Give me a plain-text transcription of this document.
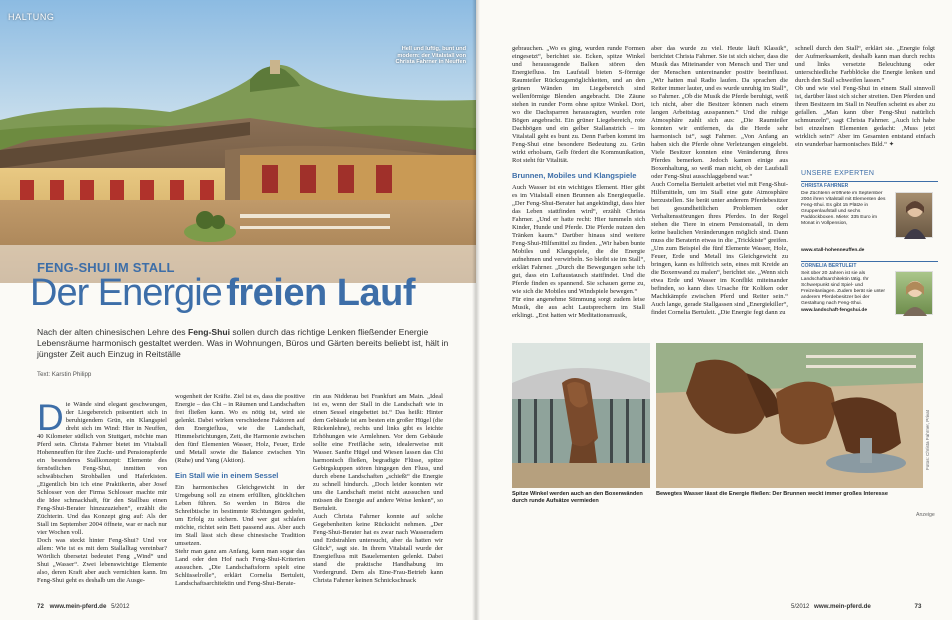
Hell und luftig, bunt und modern: der Vitalstall von Christa Fahrner in Neuffen
HALTUNG
FENG-SHUI IM STALL
Der Energie freien Lauf
Nach der alten chinesischen Lehre des Feng-Shui sollen durch das richtige Lenken fließender Energie Lebensräume harmonisch gestaltet werden. Was in Wohnungen, Büros und Gärten bereits beliebt ist, hält in jüngster Zeit auch Einzug in Reitställe
Text: Karstin Philipp

Die Wände sind elegant geschwungen, der Liegebereich präsentiert sich in beruhigendem Grün, ein Klangspiel dreht sich im Wind: Hier in Neuffen, 40 Kilometer südlich von Stuttgart, möchte man Pferd sein. Christa Fahrner bietet im Vitalstall Hohenneuffen für ihre Zucht- und Pensionspferde ein besonderes Stallkonzept: Elemente des fernöstlichen Feng-Shui, inmitten von schwäbischen Strohballen und Haferkisten. „Eigentlich bin ich eine Praktikerin, aber Josef Schlosser von der Firma Schlosser machte mir die Idee schmackhaft, für den Stallbau einen Feng-Shui-Berater hinzuzuziehen“, erzählt die Züchterin. Und das Konzept ging auf: Als der Stall im September 2004 öffnete, war er nach nur vier Wochen voll.
Doch was steckt hinter Feng-Shui? Und vor allem: Wie ist es mit dem Stallalltag vereinbar? Wörtlich übersetzt bedeutet Feng „Wind“ und Shui „Wasser“. Zwei lebenswichtige Elemente also, deren Kraft aber auch vernichten kann. Im Feng-Shui geht es deshalb um die Ausge-

wogenheit der Kräfte. Ziel ist es, dass die positive Energie – das Chi – in Räumen und Landschaften frei fließen kann. Wo es nötig ist, wird sie gelenkt. Dabei wirken verschiedene Faktoren auf den Energiefluss, wie die Landschaft, Himmelsrichtungen, Zeit, die Harmonie zwischen den fünf Elementen Wasser, Holz, Feuer, Erde und Metall sowie die Balance zwischen Yin (Ruhe) und Yang (Aktion).
Ein Stall wie in einem Sessel
Ein harmonisches Gleichgewicht in der Umgebung soll zu einem erfüllten, glücklichen Leben führen. So werden in Büros die Schreibtische in bestimmte Richtungen gedreht, um Erfolg zu sichern. Und wer gut schlafen möchte, richtet sein Bett passend aus. Aber auch im Stall lässt sich diese chinesische Tradition umsetzen.
Stehr man ganz am Anfang, kann man sogar das Land oder den Hof nach Feng-Shui-Kriterien aussuchen. „Die Landschaftsform spielt eine Schlüsselrolle“, erklärt Cornelia Bertuleit, Landschaftsarchitektin und Feng-Shui-Berate-
rin aus Nidderau bei Frankfurt am Main. „Ideal ist es, wenn der Stall in die Landschaft wie in einen Sessel eingebettet ist.“ Das heißt: Hinter dem Gebäude ist am besten ein großer Hügel (die Rückenlehne), rechts und links gibt es leichte Erhöhungen wie Armlehnen. Vor dem Gebäude sollte eine Freifläche sein, idealerweise mit Wasser. Sanfte Hügel und Wiesen lassen das Chi harmonisch fließen, begradigte Flüsse, spitze Gebirgskuppen stören hingegen den Fluss, und durch ebene Landschaften „schießt“ die Energie zu schnell hindurch. „Doch leider konnten wir uns die Landschaft meist nicht aussuchen und müssen die Energie auf andere Weise lenken“, so Bertuleit.
Auch Christa Fahrner konnte auf solche Gegebenheiten keine Rücksicht nehmen. „Der Feng-Shui-Berater hat es zwar nach Wasseradern und Erdstrahlen untersucht, aber da hatten wir Glück“, sagt sie. In ihrem Vitalstall wurde der Energiefluss mit Bauelementen gelenkt. Dabei stand die praktische Handhabung im Vordergrund. Dem als Eine-Frau-Betrieb kann Christa Fahrner keinen Schnickschnack
72 www.mein-pferd.de 5/2012
gebrauchen. „Wo es ging, wurden runde Formen eingesetzt“, berichtet sie. Ecken, spitze Winkel und herausragende Balken stören den Energiefluss. Im Laufstall bieten S-förmige Raumteiler Rückzugsmöglichkeiten, und an den grünen Wänden im Liegebereich sind wellenförmige Blenden angebracht. Die Zäune stehen in runder Form ohne spitze Winkel. Dort, wo die Dachsparren herausragten, wurden rote Bögen angebracht. Ein grüner Liegebereich, rote Dachbögen und ein gelber Stallanstrich – im Vitalstall geht es bunt zu. Denn Farben kommt im Feng-Shui eine besondere Bedeutung zu. Grün wirkt erholsam, Gelb fördert die Kommunikation, Rot steht für Vitalität.
Brunnen, Mobiles und Klangspiele
Auch Wasser ist ein wichtiges Element. Hier gibt es im Vitalstall einen Brunnen als Energiequelle. „Der Feng-Shui-Berater hat angekündigt, dass hier das Leben stattfinden wird“, erzählt Christa Fahrner. „Und er hatte recht: Hier tummeln sich Kinder, Hunde und Pferde. Die Pferde nutzen den Tränken kaum.“ Darüber hinaus sind weitere Feng-Shui-Hilfsmittel zu finden. „Wir haben bunte Mobiles und Klangspiele, die die Energie aufnehmen und verwirbeln. So bleibt sie im Stall“, erklärt Fahrner. „Durch die Bewegungen sehe ich gut, dass ein Luftaustausch stattfindet. Und die Pferde finden es spannend. Sie schauen gerne zu, wie sich die Mobiles und Windspiele bewegen.“
Für eine angenehme Stimmung sorgt zudem leise Musik, die aus acht Lautsprechern im Stall erklingt. „Erst hatten wir Meditationsmusik,
aber das wurde zu viel. Heute läuft Klassik“, berichtet Christa Fahrner. Sie ist sich sicher, dass die Musik das Miteinander von Mensch und Tier und der Menschen untereinander positiv beeinflusst. „Wir hatten mal Radio laufen. Da sprachen die Reiter immer lauter, und es wurde unruhig im Stall“, so Fahrner. „Ob die Musik die Pferde beruhigt, weiß ich nicht, aber die Besitzer können nach einem langen Arbeitstag ausspannen.“ Und die ruhige Atmosphäre zahlt sich aus: „Die Raumteiler konnten wir entfernen, da die Herde sehr harmonisch ist“, sagt Fahrner. „Von Anfang an haben sich die Pferde ohne Verletzungen eingelebt. Viele Besitzer konnten eine Veränderung ihres Pferdes bemerken. Jedoch kamen einige aus Boxenhaltung, so weiß man nicht, ob der Laufstall oder Feng-Shui ausschlaggebend war.“
Auch Cornelia Bertuleit arbeitet viel mit Feng-Shui-Hilfsmitteln, um im Stall eine gute Atmosphäre herzustellen. Sie berät unter anderem Pferdebesitzer bei gesundheitlichen Problemen oder Verhaltensstörungen ihres Pferdes. In der Regel stehen die Tiere in einem Pensionsstall, in dem keine baulichen Veränderungen möglich sind. Dann muss die Beraterin etwas in die „Trickkiste“ greifen. „Um zum Beispiel die fünf Elemente Wasser, Holz, Feuer, Erde und Metall ins Gleichgewicht zu bringen, kann es hilfreich sein, eines mit Kreide an die Boxenwand zu malen“, berichtet sie. „Wenn sich etwa Erde und Wasser im Konflikt miteinander befinden, so kann dies Ursache für Koliken oder Machtkämpfe zwischen Pferd und Reiter sein.“ Auch lange, gerade Stallgassen sind „Energiekiller“, findet Cornelia Bertuleit. „Die Energie fegt dann zu
schnell durch den Stall“, erklärt sie. „Energie folgt der Aufmerksamkeit, deshalb kann man durch rechts und links versetzte Beleuchtung oder unterschiedliche Farbblöcke die Energie lenken und durch den Stall schweifen lassen.“
Ob und wie viel Feng-Shui in einem Stall sinnvoll ist, darüber lässt sich sicher streiten. Den Pferden und ihren Besitzern im Stall in Neuffen scheint es aber zu gefallen. „Man kann über Feng-Shui natürlich schmunzeln“, sagt Christa Fahrner. „Auch ich habe bei einzelnen Elementen gedacht: ‚Muss jetzt wirklich sein?‘ Aber im Gesamten entstand einfach ein wunderbar harmonisches Bild.“ ✦
UNSERE EXPERTEN
CHRISTA FAHRNER
Die Züchterin eröffnete im September 2004 ihren Vitalstall mit Elementen des Feng-Shui. Es gibt 15 Plätze in Gruppenlaufstall und sechs Paddockboxen. Miete: 335 Euro im Monat in Vollpension,
www.stall-hohenneuffen.de
CORNELIA BERTULEIT
Seit über 20 Jahren ist sie als Landschaftsarchitektin tätig. Ihr Schwerpunkt sind Spiel- und Freizeitanlagen. Zudem berät sie unter anderem Pferdebesitzer bei der Gestaltung nach Feng-Shui.
www.landschaft-fengshui.de
Spitze Winkel werden auch an den Boxenwänden durch runde Aufsätze vermieden
Fotos: Christa Fahrner, Privat
Bewegtes Wasser lässt die Energie fließen: Der Brunnen weckt immer großes Interesse
Anzeige
5/2012 www.mein-pferd.de	73
